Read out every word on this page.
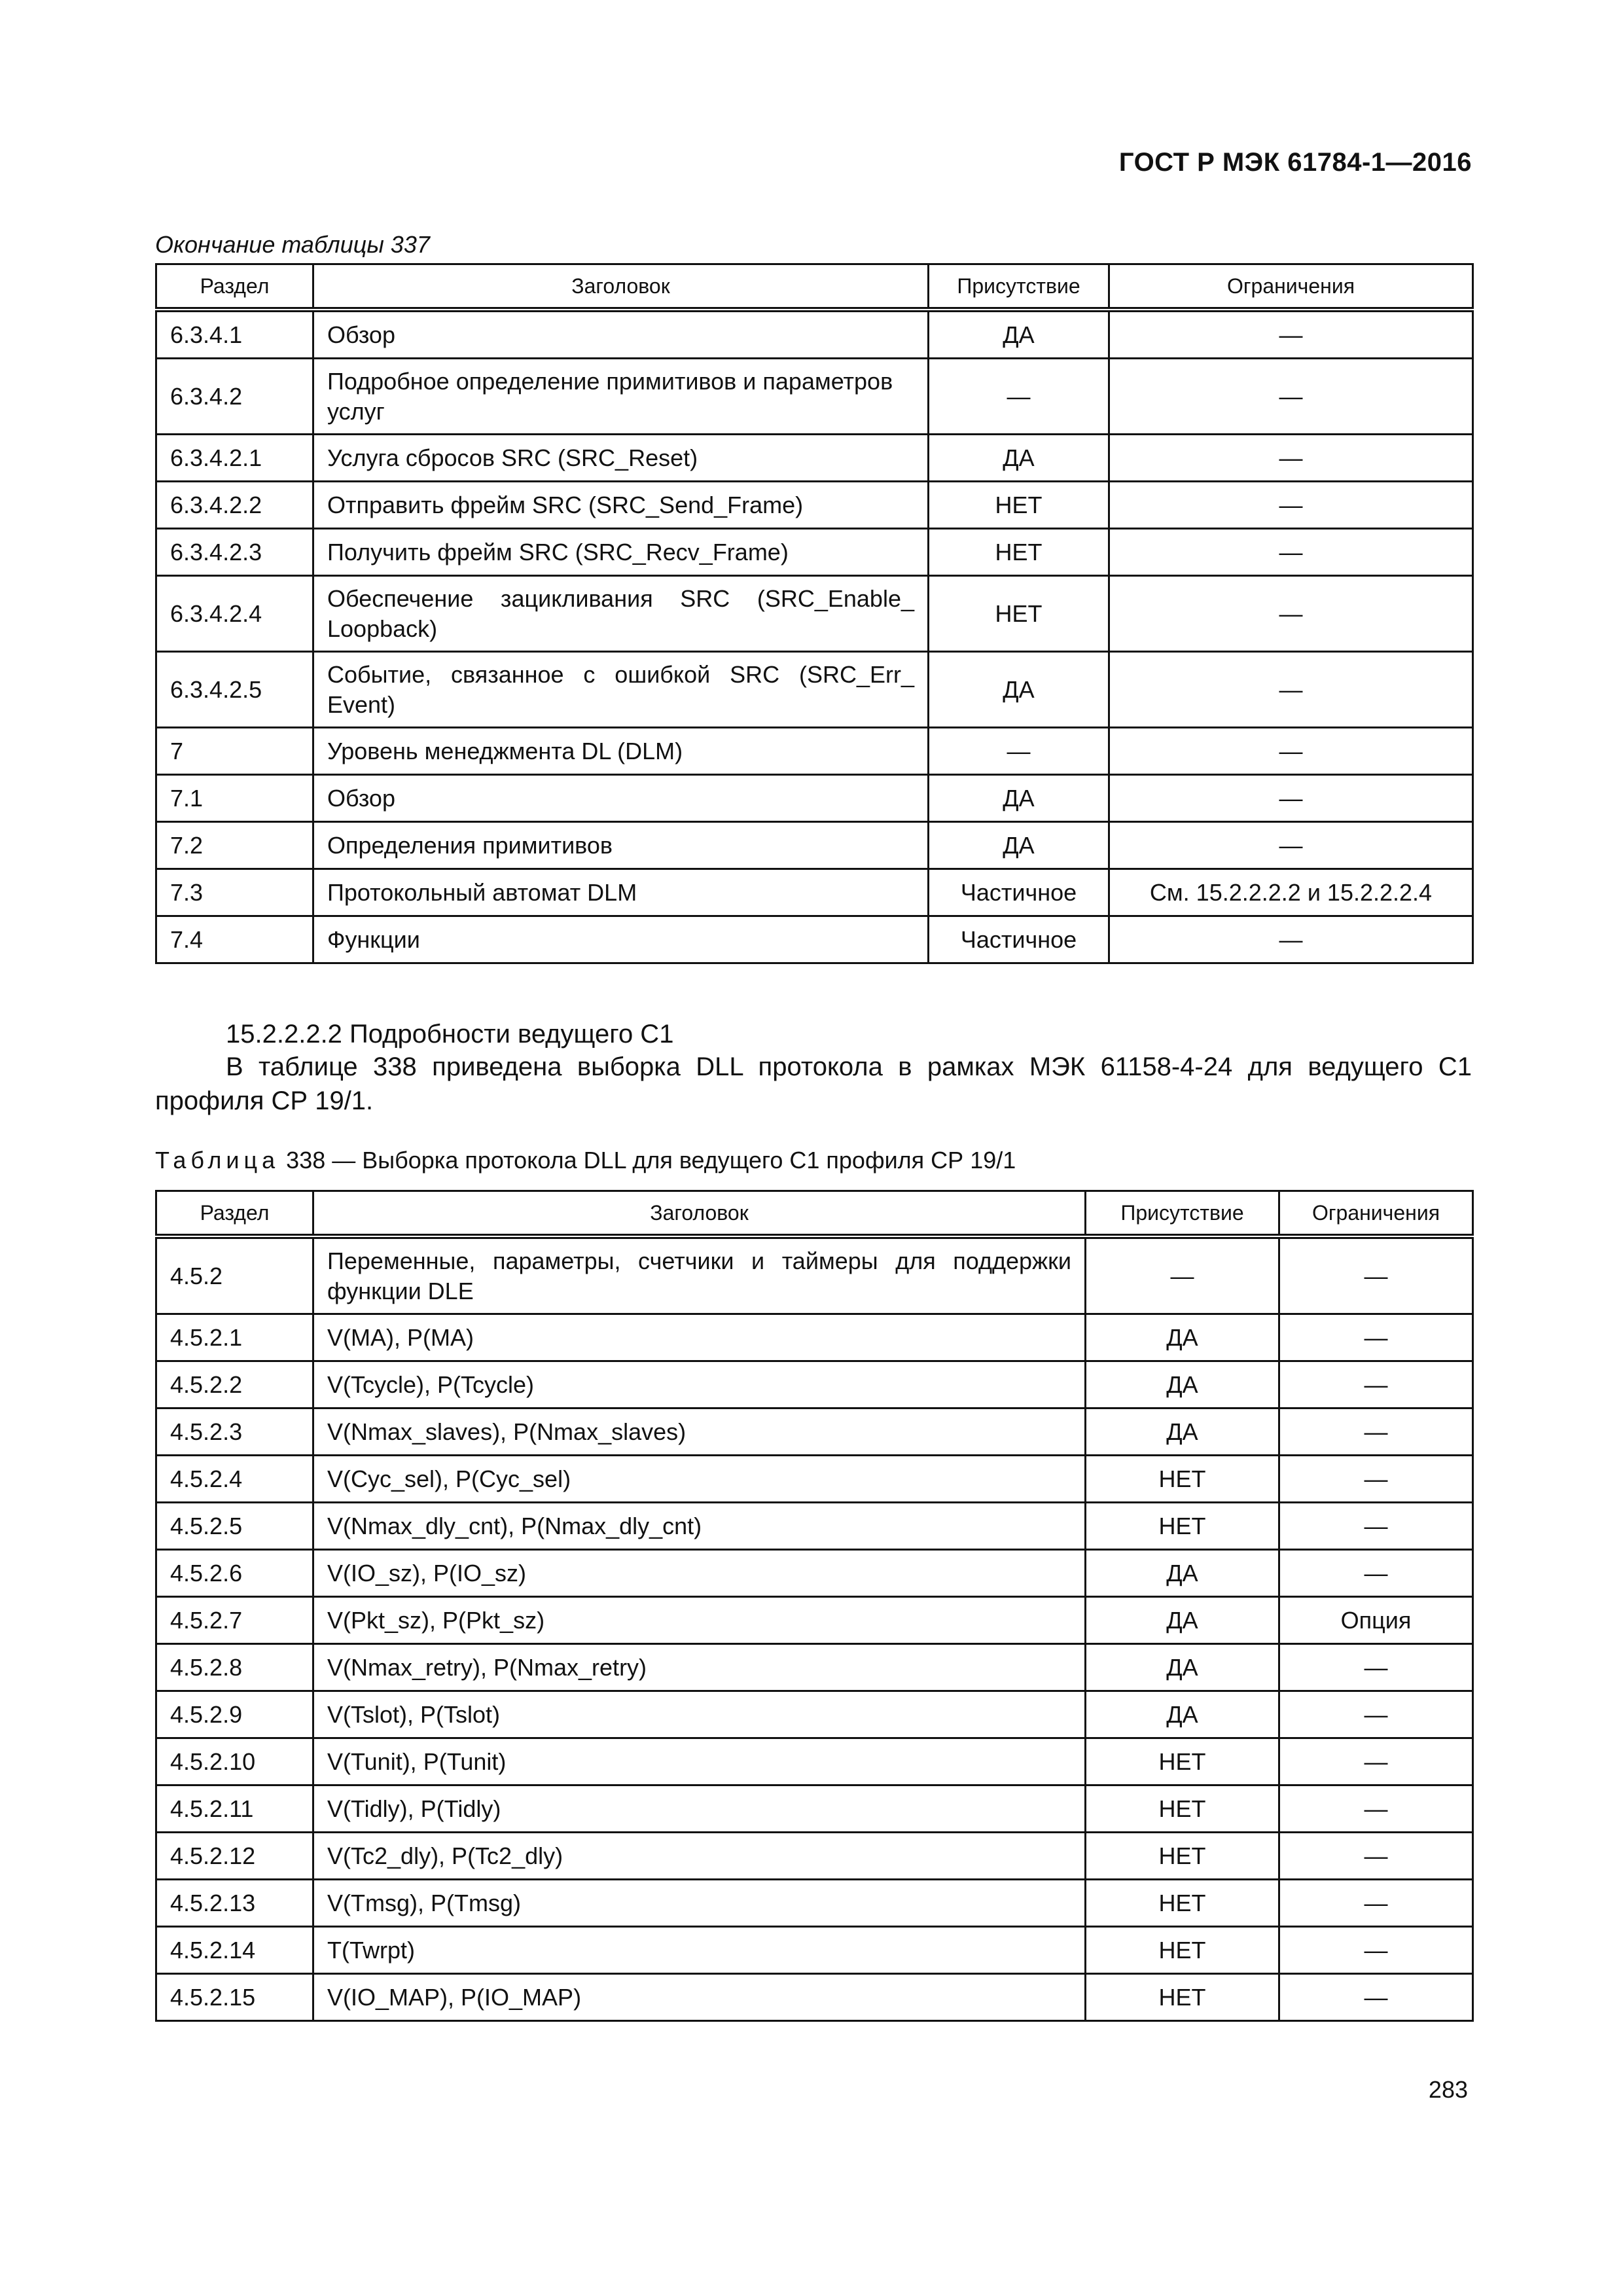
ГОСТ Р МЭК 61784-1—2016
Окончание таблицы 337
Раздел	Заголовок	Присутствие	Ограничения
6.3.4.1	Обзор	ДА	—
6.3.4.2	Подробное определение примитивов и параметров услуг	—	—
6.3.4.2.1	Услуга сбросов SRC (SRC_Reset)	ДА	—
6.3.4.2.2	Отправить фрейм SRC (SRC_Send_Frame)	НЕТ	—
6.3.4.2.3	Получить фрейм SRC (SRC_Recv_Frame)	НЕТ	—
6.3.4.2.4	Обеспечение зацикливания SRC (SRC_Enable_ Loopback)	НЕТ	—
6.3.4.2.5	Событие, связанное с ошибкой SRC (SRC_Err_ Event)	ДА	—
7	Уровень менеджмента DL (DLM)	—	—
7.1	Обзор	ДА	—
7.2	Определения примитивов	ДА	—
7.3	Протокольный автомат DLM	Частичное	См. 15.2.2.2.2 и 15.2.2.2.4
7.4	Функции	Частичное	—
15.2.2.2.2 Подробности ведущего С1

В таблице 338 приведена выборка DLL протокола в рамках МЭК 61158-4-24 для ведущего С1 профиля СР 19/1.

Таблица 338 — Выборка протокола DLL для ведущего С1 профиля СР 19/1
Раздел	Заголовок	Присутствие	Ограничения
4.5.2	Переменные, параметры, счетчики и таймеры для поддержки функции DLE	—	—
4.5.2.1	V(MA), P(MA)	ДА	—
4.5.2.2	V(Tcycle), P(Tcycle)	ДА	—
4.5.2.3	V(Nmax_slaves), P(Nmax_slaves)	ДА	—
4.5.2.4	V(Cyc_sel), P(Cyc_sel)	НЕТ	—
4.5.2.5	V(Nmax_dly_cnt), P(Nmax_dly_cnt)	НЕТ	—
4.5.2.6	V(IO_sz), P(IO_sz)	ДА	—
4.5.2.7	V(Pkt_sz), P(Pkt_sz)	ДА	Опция
4.5.2.8	V(Nmax_retry), P(Nmax_retry)	ДА	—
4.5.2.9	V(Tslot), P(Tslot)	ДА	—
4.5.2.10	V(Tunit), P(Tunit)	НЕТ	—
4.5.2.11	V(Tidly), P(Tidly)	НЕТ	—
4.5.2.12	V(Tc2_dly), P(Tc2_dly)	НЕТ	—
4.5.2.13	V(Tmsg), P(Tmsg)	НЕТ	—
4.5.2.14	T(Twrpt)	НЕТ	—
4.5.2.15	V(IO_MAP), P(IO_MAP)	НЕТ	—
283
